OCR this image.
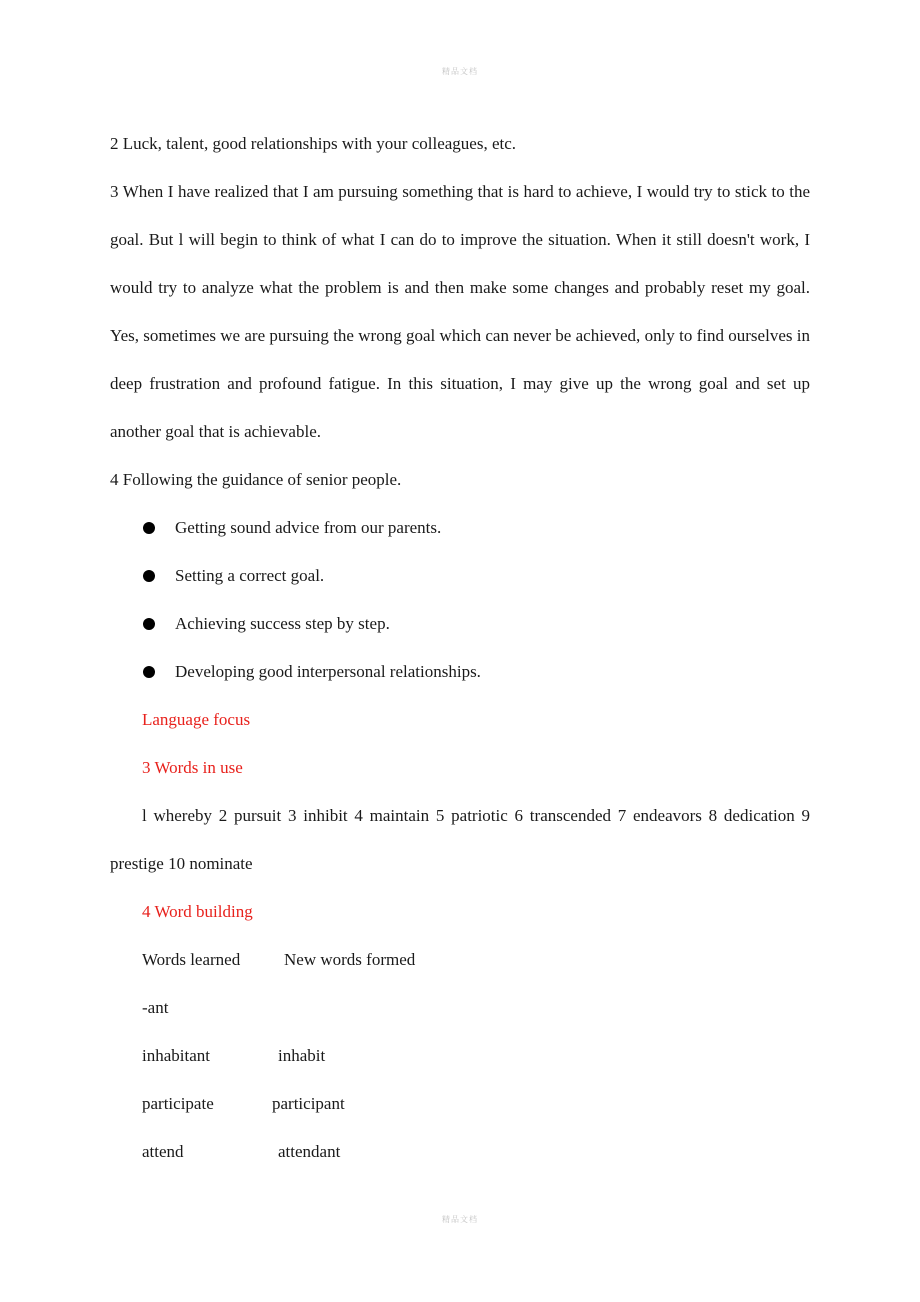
精品文档

2 Luck, talent, good relationships with your colleagues, etc.

3 When I have realized that I am pursuing something that is hard to achieve, I would try to stick to the goal. But l will begin to think of what I can do to improve the situation. When it still doesn't work, I would try to analyze what the problem is and then make some changes and probably reset my goal. Yes, sometimes we are pursuing the wrong goal which can never be achieved, only to find ourselves in deep frustration and profound fatigue. In this situation, I may give up the wrong goal and set up another goal that is achievable.

4 Following the guidance of senior people.

Getting sound advice from our parents.
Setting a correct goal.
Achieving success step by step.
Developing good interpersonal relationships.

Language focus

3 Words in use

l whereby 2 pursuit 3 inhibit 4 maintain 5 patriotic 6 transcended 7 endeavors 8 dedication 9 prestige 10 nominate

4 Word building

Words learned	New words formed
-ant
inhabitant	inhabit
participate	participant
attend	attendant
精品文档
